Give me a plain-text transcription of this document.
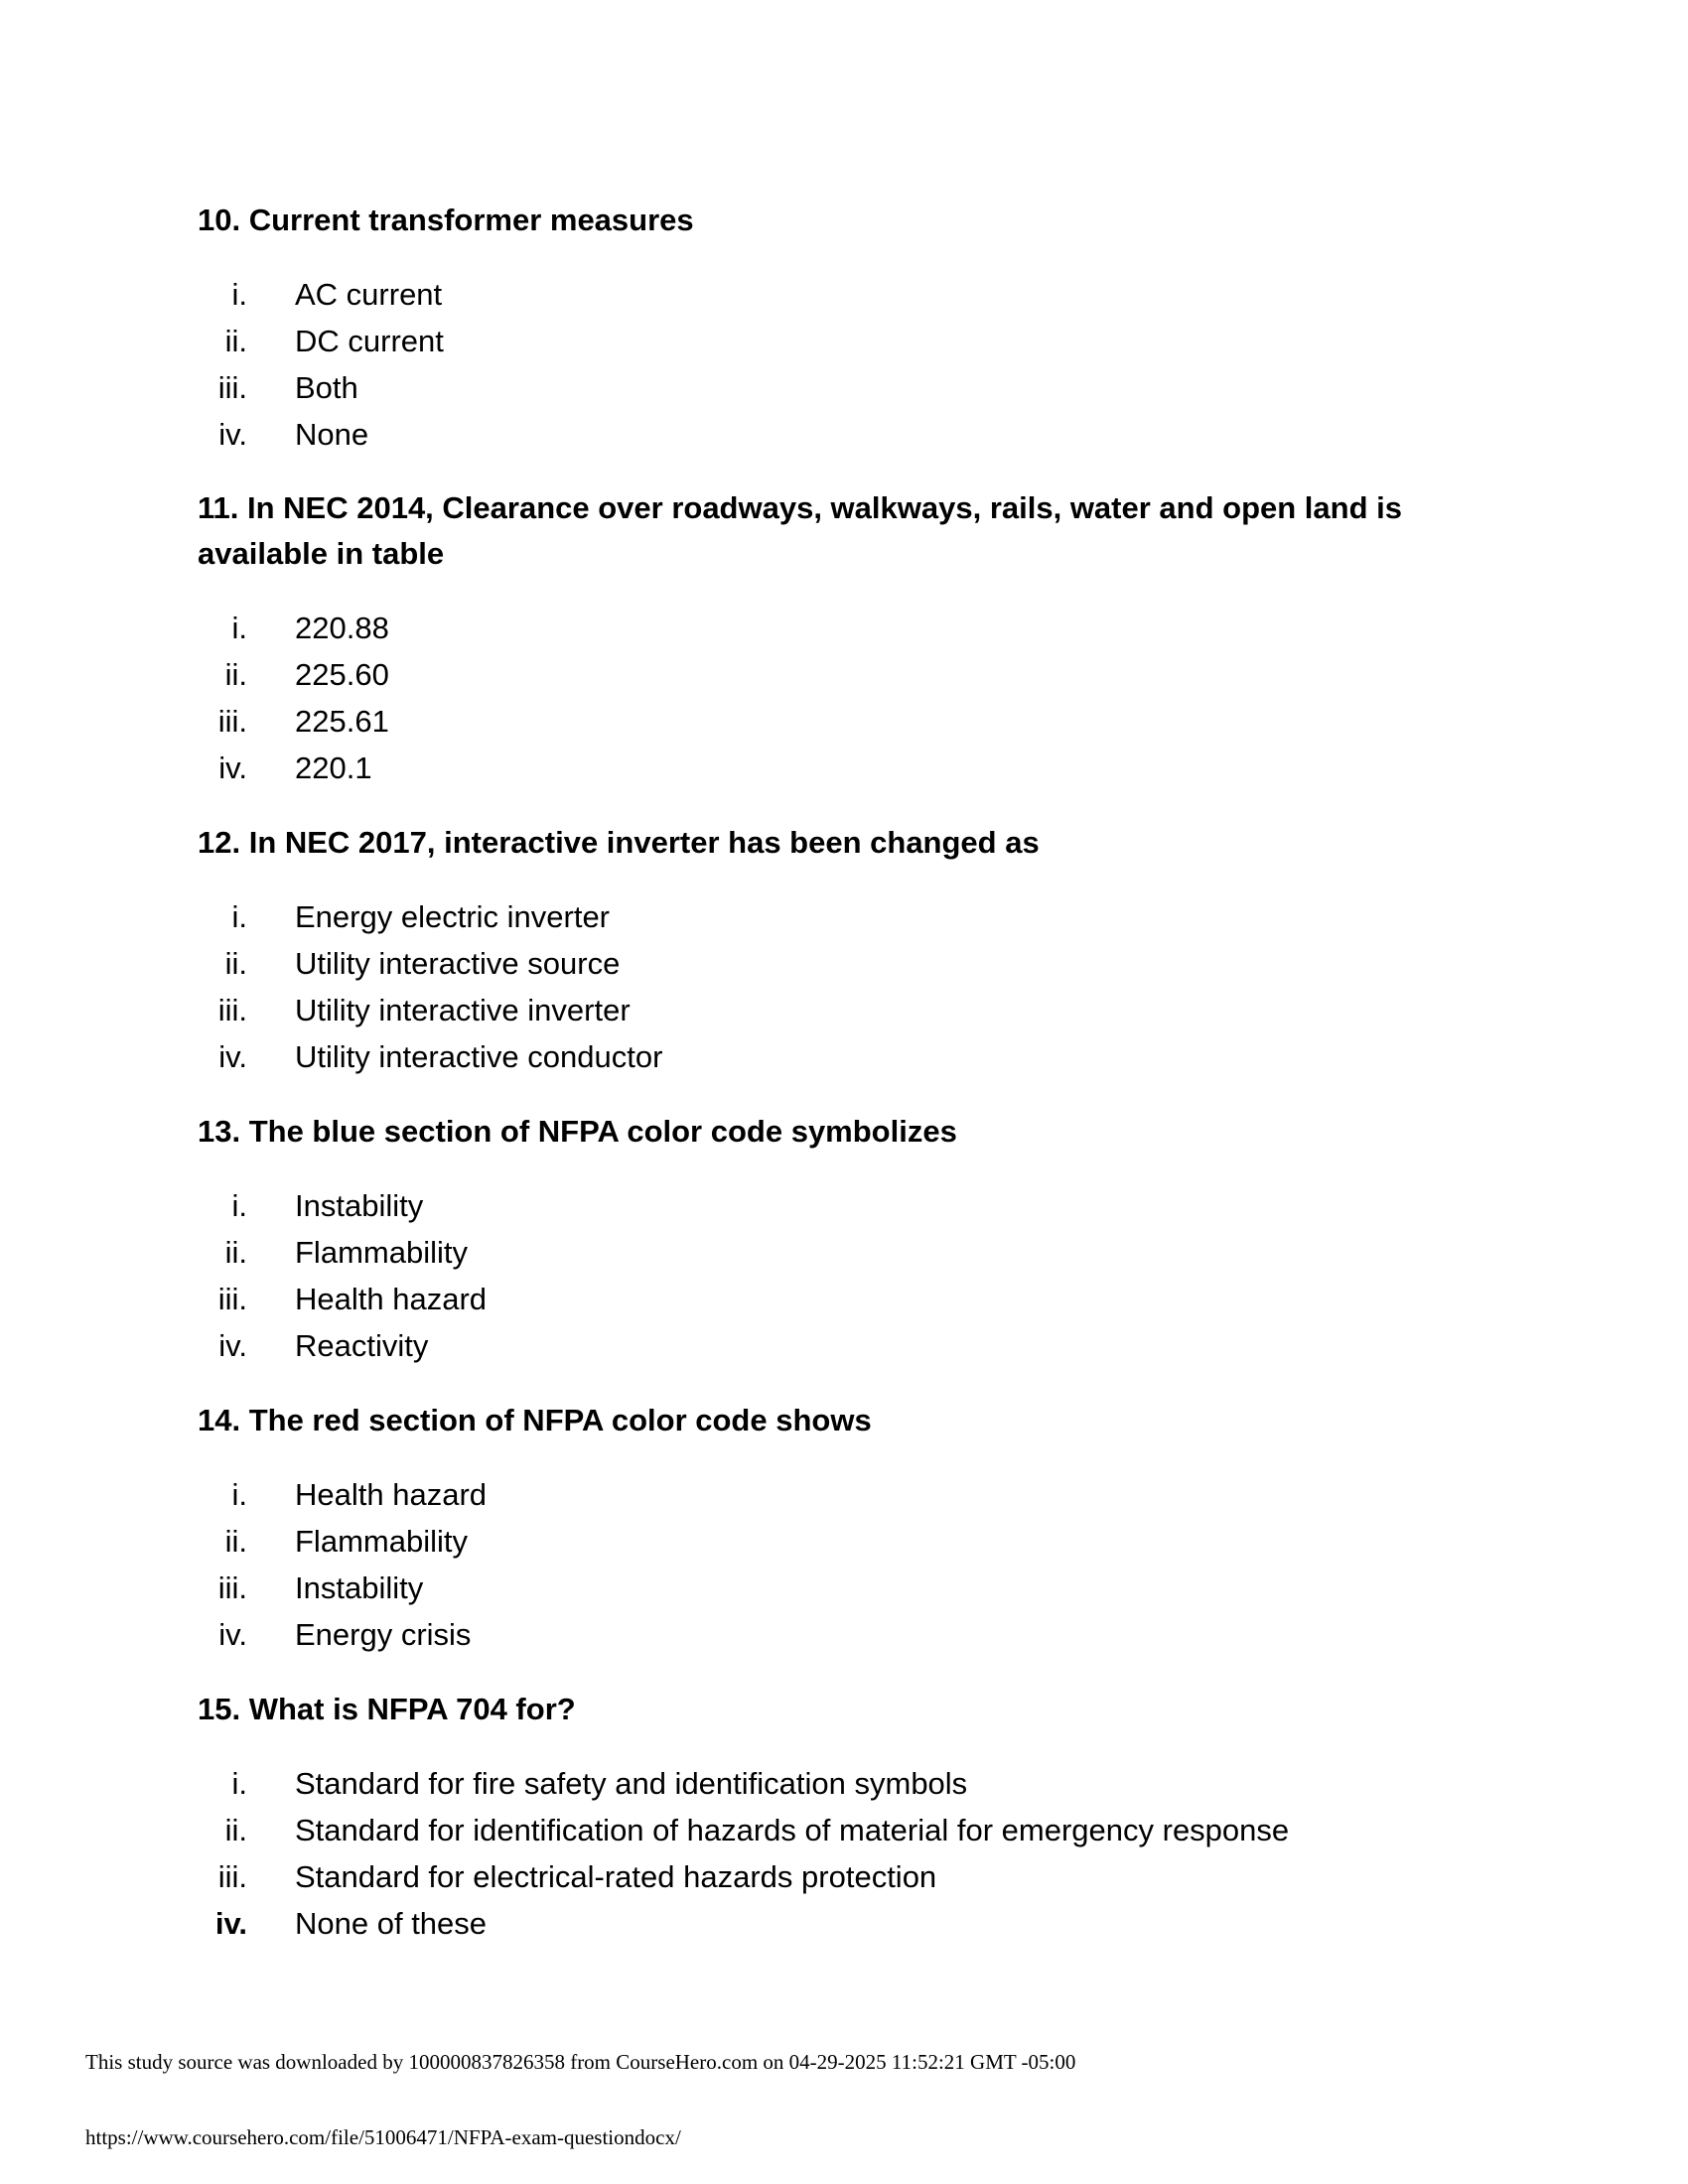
10. Current transformer measures

i. AC current
ii. DC current
iii. Both
iv. None

11. In NEC 2014, Clearance over roadways, walkways, rails, water and open land is available in table

i. 220.88
ii. 225.60
iii. 225.61
iv. 220.1

12. In NEC 2017, interactive inverter has been changed as

i. Energy electric inverter
ii. Utility interactive source
iii. Utility interactive inverter
iv. Utility interactive conductor

13. The blue section of NFPA color code symbolizes

i. Instability
ii. Flammability
iii. Health hazard
iv. Reactivity

14. The red section of NFPA color code shows

i. Health hazard
ii. Flammability
iii. Instability
iv. Energy crisis

15. What is NFPA 704 for?

i. Standard for fire safety and identification symbols
ii. Standard for identification of hazards of material for emergency response
iii. Standard for electrical-rated hazards protection
iv. None of these
This study source was downloaded by 100000837826358 from CourseHero.com on 04-29-2025 11:52:21 GMT -05:00
https://www.coursehero.com/file/51006471/NFPA-exam-questiondocx/
